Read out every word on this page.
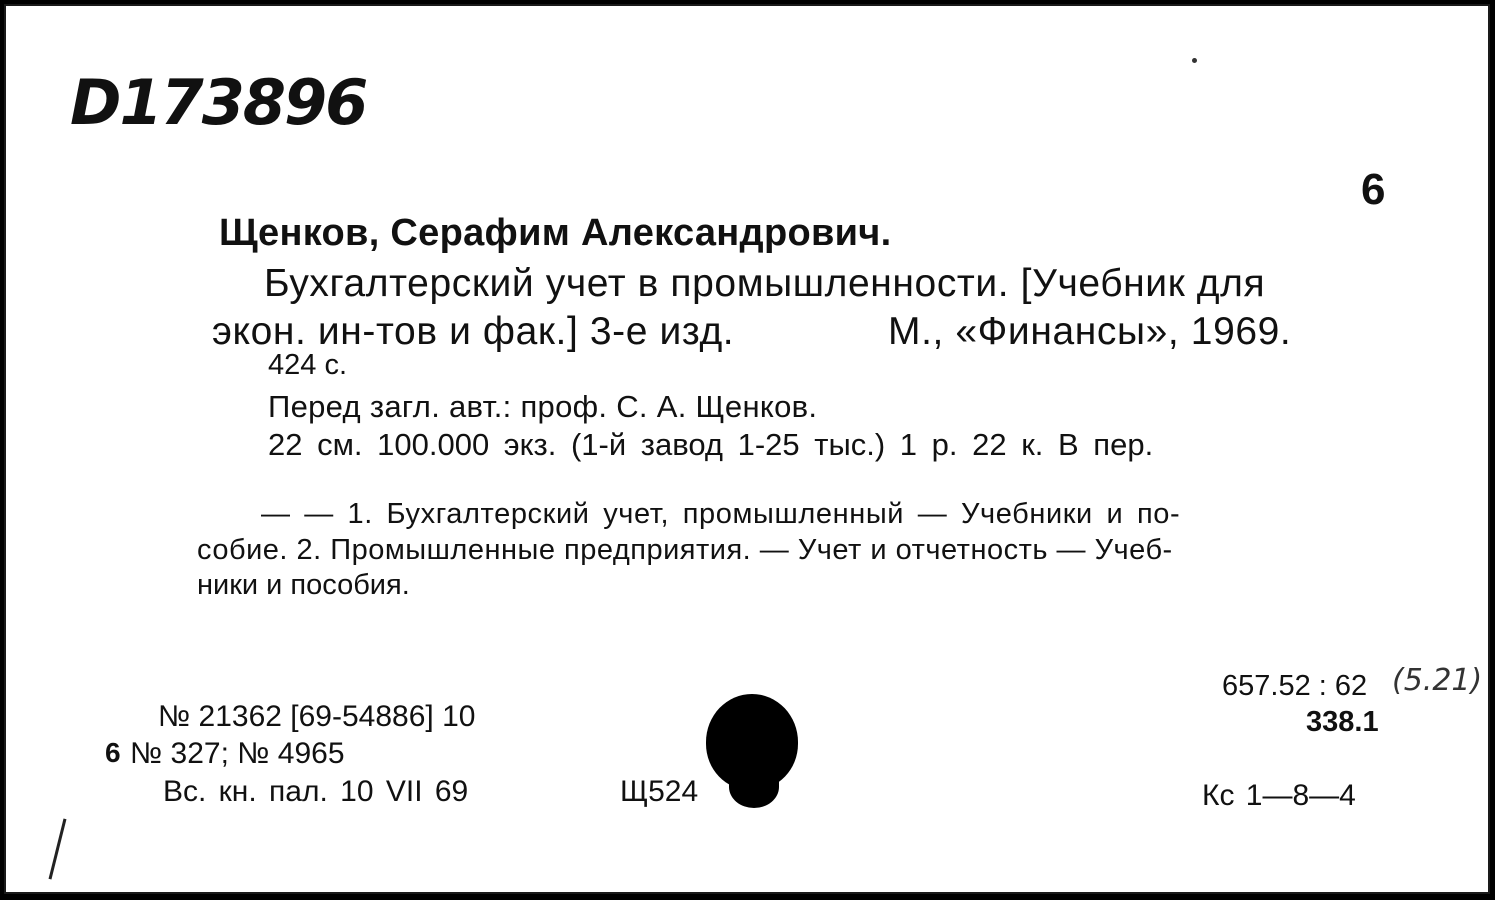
D173896
6
Щенков, Серафим Александрович.
Бухгалтерский учет в промышленности. [Учебник для
экон. ин-тов и фак.] 3-е изд.	М., «Финансы», 1969.
424 с.
Перед загл. авт.: проф. С. А. Щенков.
22 см. 100.000 экз. (1-й завод 1-25 тыс.) 1 р. 22 к. В пер.
— — 1. Бухгалтерский учет, промышленный — Учебники и по-
собие. 2. Промышленные предприятия. — Учет и отчетность — Учеб-
ники и пособия.
№ 21362 [69-54886] 10
6 № 327; № 4965
Вс. кн. пал. 10 VII 69	Щ524
657.52 : 62 (5.21)
338.1
Кс 1—8—4
